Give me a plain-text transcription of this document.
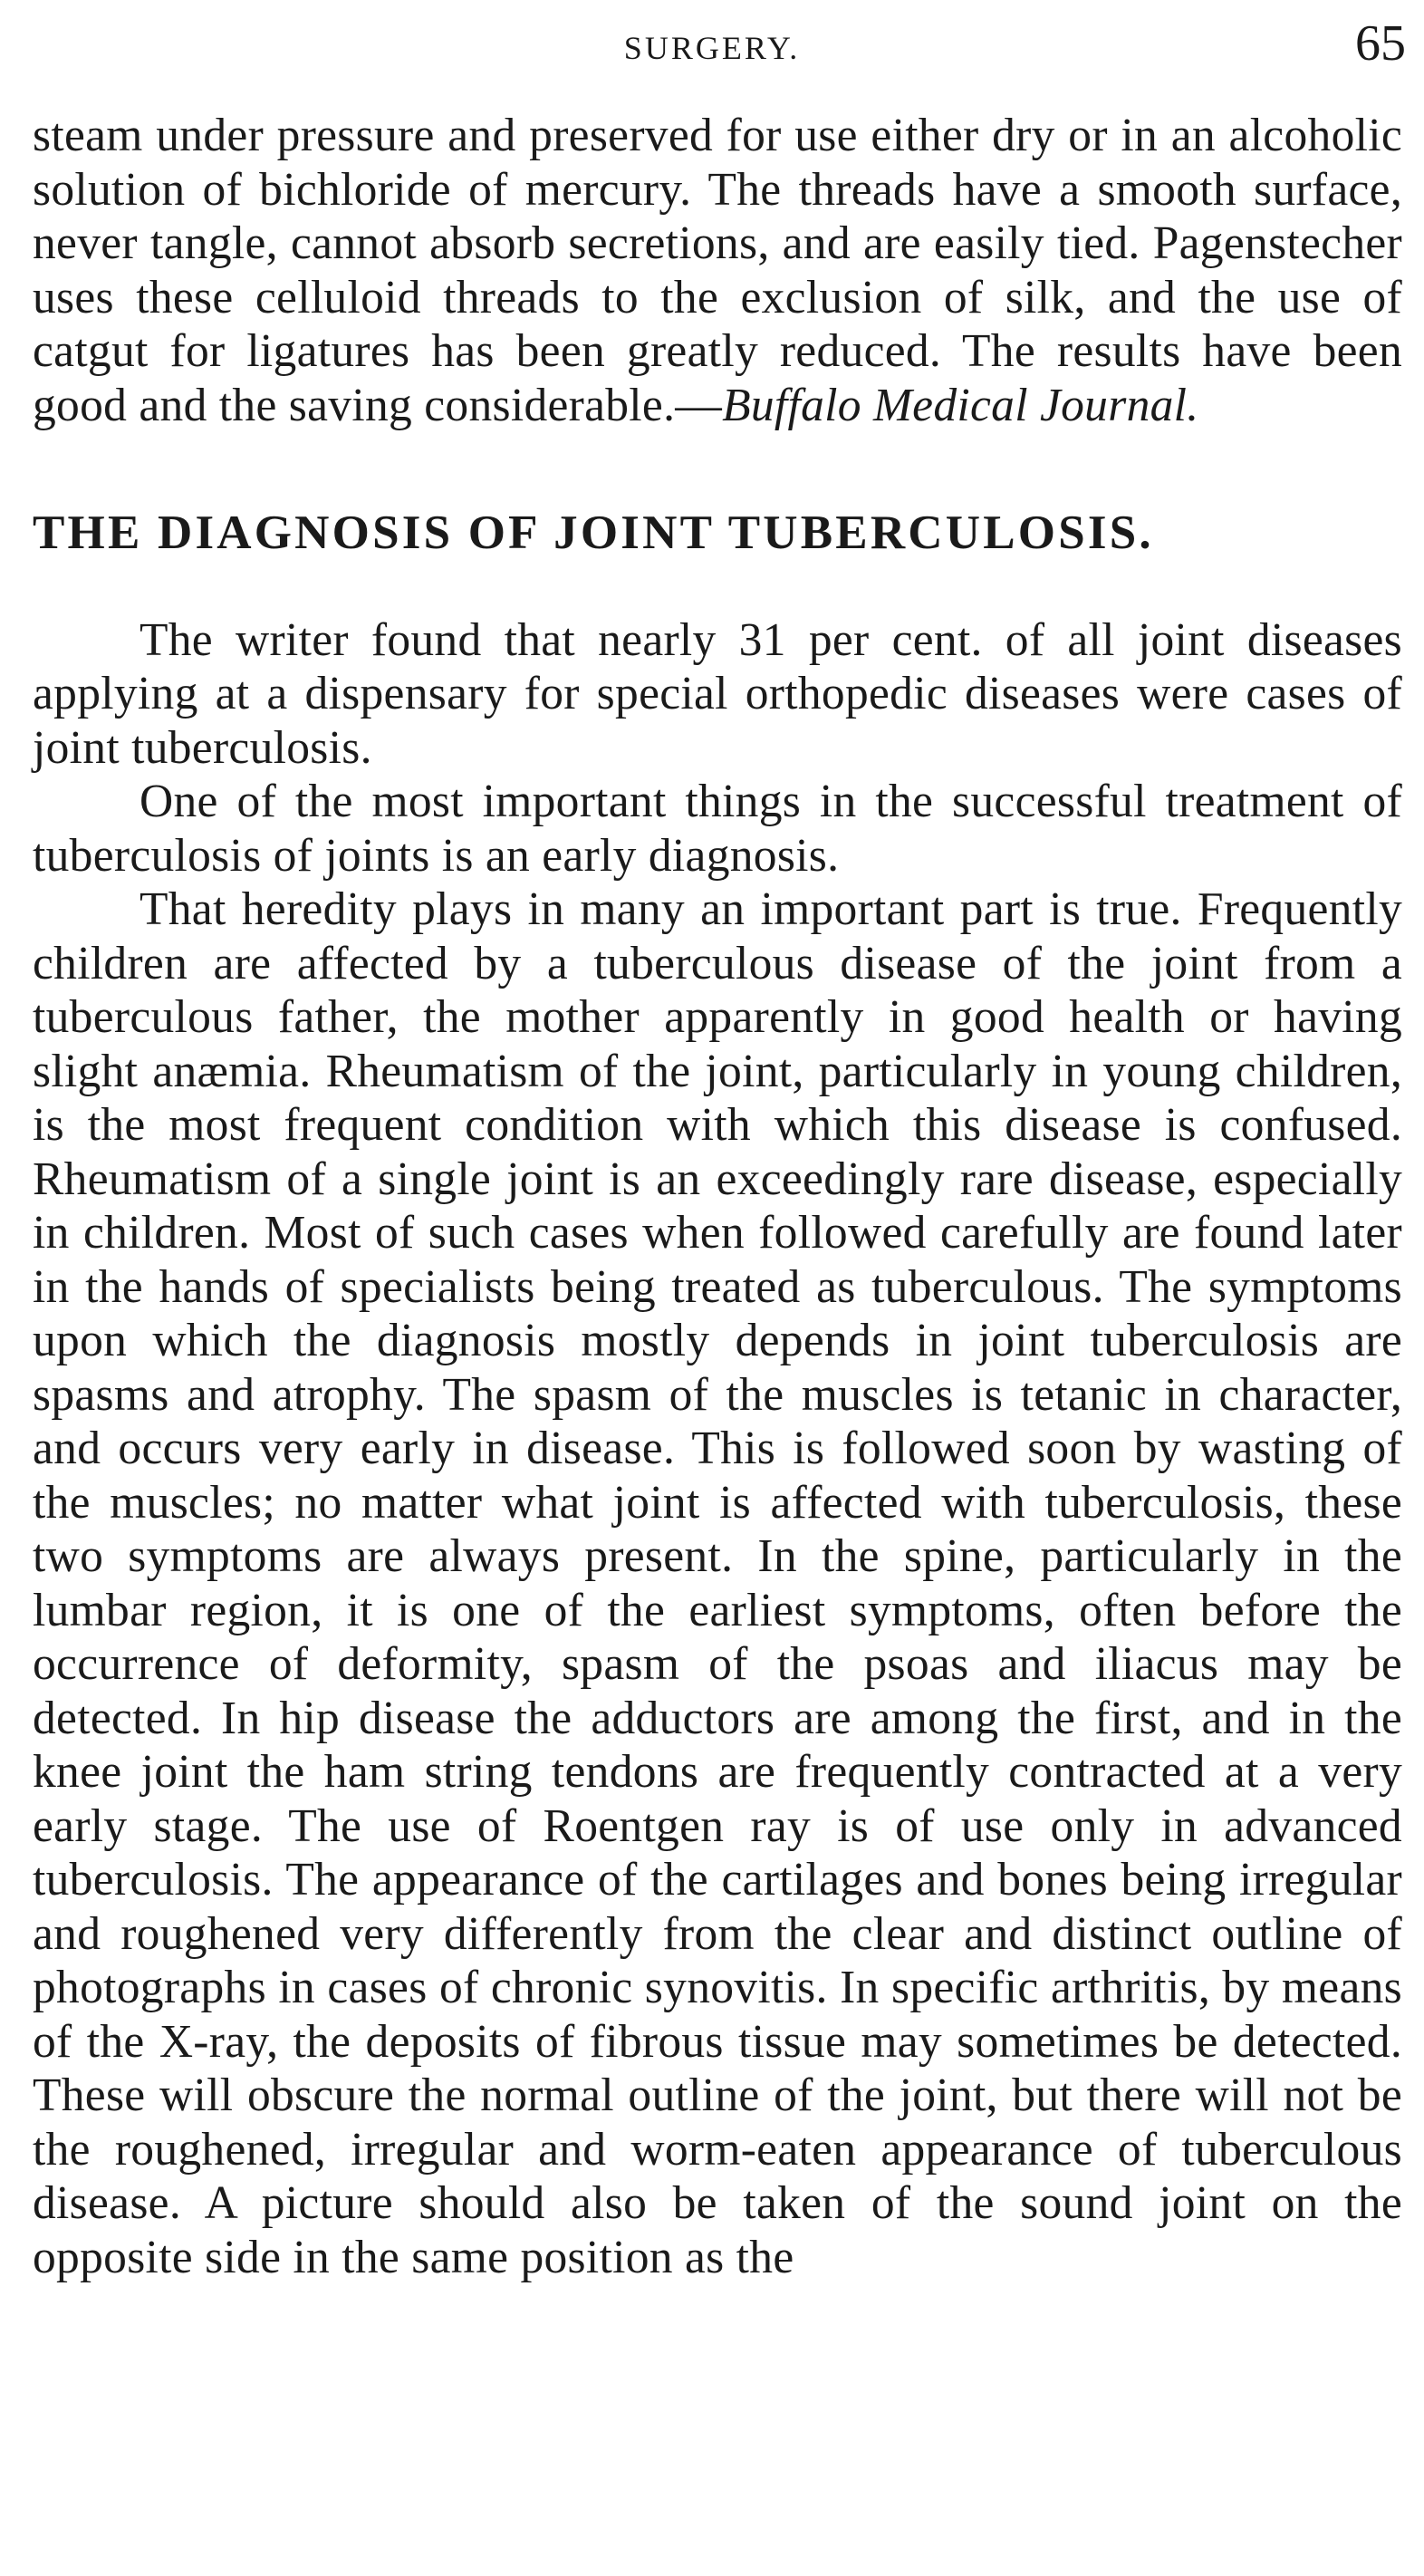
SURGERY.	65

steam under pressure and preserved for use either dry or in an alcoholic solution of bichloride of mercury. The threads have a smooth surface, never tangle, cannot absorb secretions, and are easily tied. Pagenstecher uses these celluloid threads to the exclusion of silk, and the use of catgut for ligatures has been greatly reduced. The results have been good and the saving considerable.—Buffalo Medical Journal.

THE DIAGNOSIS OF JOINT TUBERCULOSIS.

The writer found that nearly 31 per cent. of all joint diseases applying at a dispensary for special orthopedic diseases were cases of joint tuberculosis.

One of the most important things in the successful treatment of tuberculosis of joints is an early diagnosis.

That heredity plays in many an important part is true. Frequently children are affected by a tuberculous disease of the joint from a tuberculous father, the mother apparently in good health or having slight anæmia. Rheumatism of the joint, particularly in young children, is the most frequent condition with which this disease is confused. Rheumatism of a single joint is an exceedingly rare disease, especially in children. Most of such cases when followed carefully are found later in the hands of specialists being treated as tuberculous. The symptoms upon which the diagnosis mostly depends in joint tuberculosis are spasms and atrophy. The spasm of the muscles is tetanic in character, and occurs very early in disease. This is followed soon by wasting of the muscles; no matter what joint is affected with tuberculosis, these two symptoms are always present. In the spine, particularly in the lumbar region, it is one of the earliest symptoms, often before the occurrence of deformity, spasm of the psoas and iliacus may be detected. In hip disease the adductors are among the first, and in the knee joint the ham string tendons are frequently contracted at a very early stage. The use of Roentgen ray is of use only in advanced tuberculosis. The appearance of the cartilages and bones being irregular and roughened very differently from the clear and distinct outline of photographs in cases of chronic synovitis. In specific arthritis, by means of the X-ray, the deposits of fibrous tissue may sometimes be detected. These will obscure the normal outline of the joint, but there will not be the roughened, irregular and worm-eaten appearance of tuberculous disease. A picture should also be taken of the sound joint on the opposite side in the same position as the
